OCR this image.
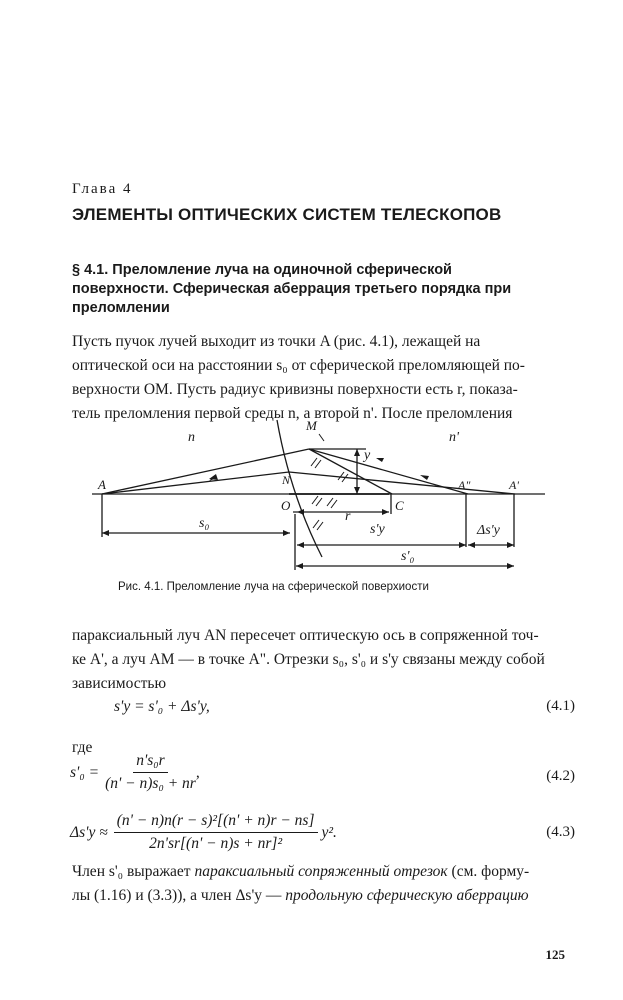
Глава 4
ЭЛЕМЕНТЫ ОПТИЧЕСКИХ СИСТЕМ ТЕЛЕСКОПОВ
§ 4.1. Преломление луча на одиночной сферической поверхности. Сферическая аберрация третьего порядка при преломлении
Пусть пучок лучей выходит из точки A (рис. 4.1), лежащей на
оптической оси на расстоянии s₀ от сферической преломляющей по-
верхности OM. Пусть радиус кривизны поверхности есть r, показа-
тель преломления первой среды n, а второй n'. После преломления
n	n'
M
y
N
A	A"	A'
O	C
r
s₀	s'y	Δs'y
s'₀
Рис. 4.1. Преломление луча на сферической поверхиости
параксиальный луч AN пересечет оптическую ось в сопряженной точ-
ке A', а луч AM — в точке A". Отрезки s₀, s'₀ и s'y связаны между собой
зависимостью
s'y = s'₀ + Δs'y,	(4.1)
где
$s'_0 = \frac{\text{n's₀r}}{\text{(n' − n)s₀ + nr}}$ ,	(4.2)
$\Delta s'y \approx \frac{\text{(n' − n)n(r − s)²[(n' + n)r − ns]}}{\text{2n'sr[(n' − n)s + nr]²}} y^2$.	(4.3)
Член s'₀ выражает параксиальный сопряженный отрезок (см. форму-
лы (1.16) и (3.3)), а член Δs'y — продольную сферическую аберрацию
125
